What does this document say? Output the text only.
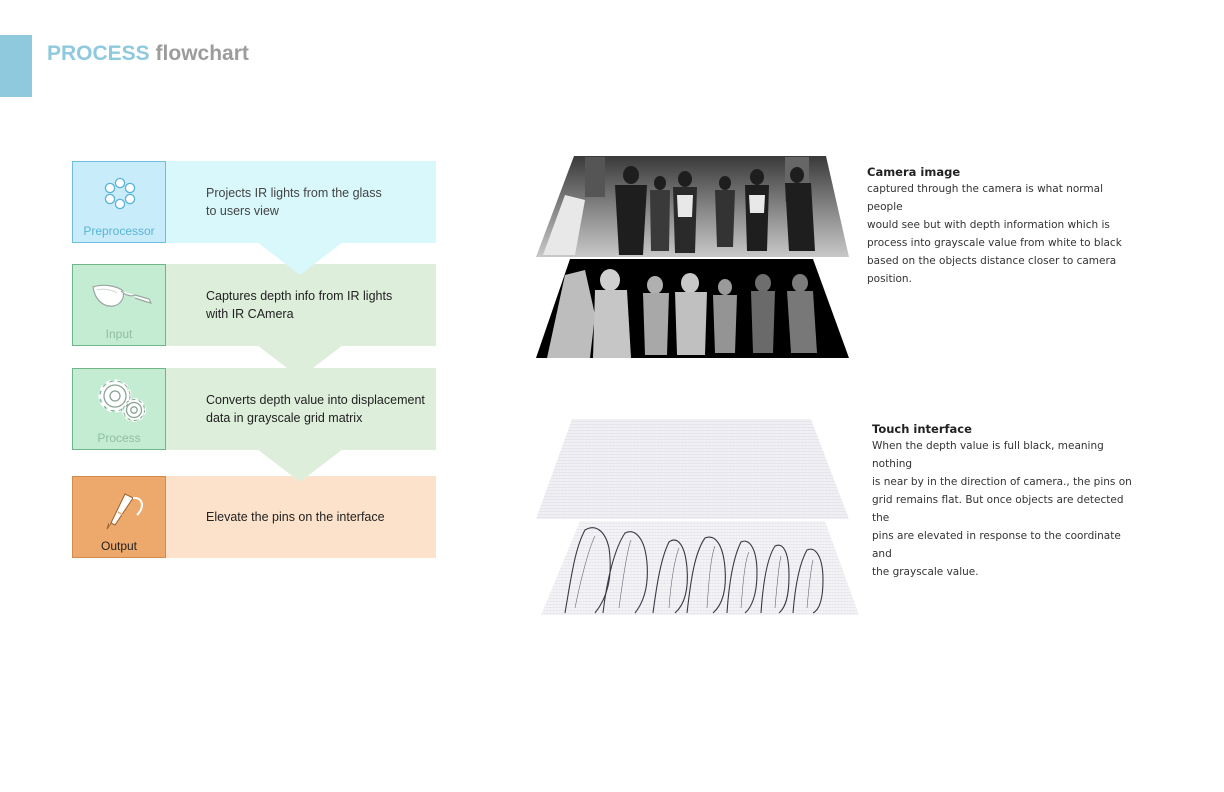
PROCESS flowchart
Preprocessor

Projects IR lights from the glass
to users view

Input

Captures depth info from IR lights
with IR CAmera

Process

Converts depth value into displacement
data in grayscale grid matrix

Output

Elevate the pins on the interface

Camera image
captured through the camera is what normal people
would see but with depth information which is
process into grayscale value from white to black
based on the objects distance closer to camera
position.
Touch interface
When the depth value is full black, meaning nothing
is near by in the direction of camera., the pins on
grid remains flat. But once objects are detected the
pins are elevated in response to the coordinate and
the grayscale value.
